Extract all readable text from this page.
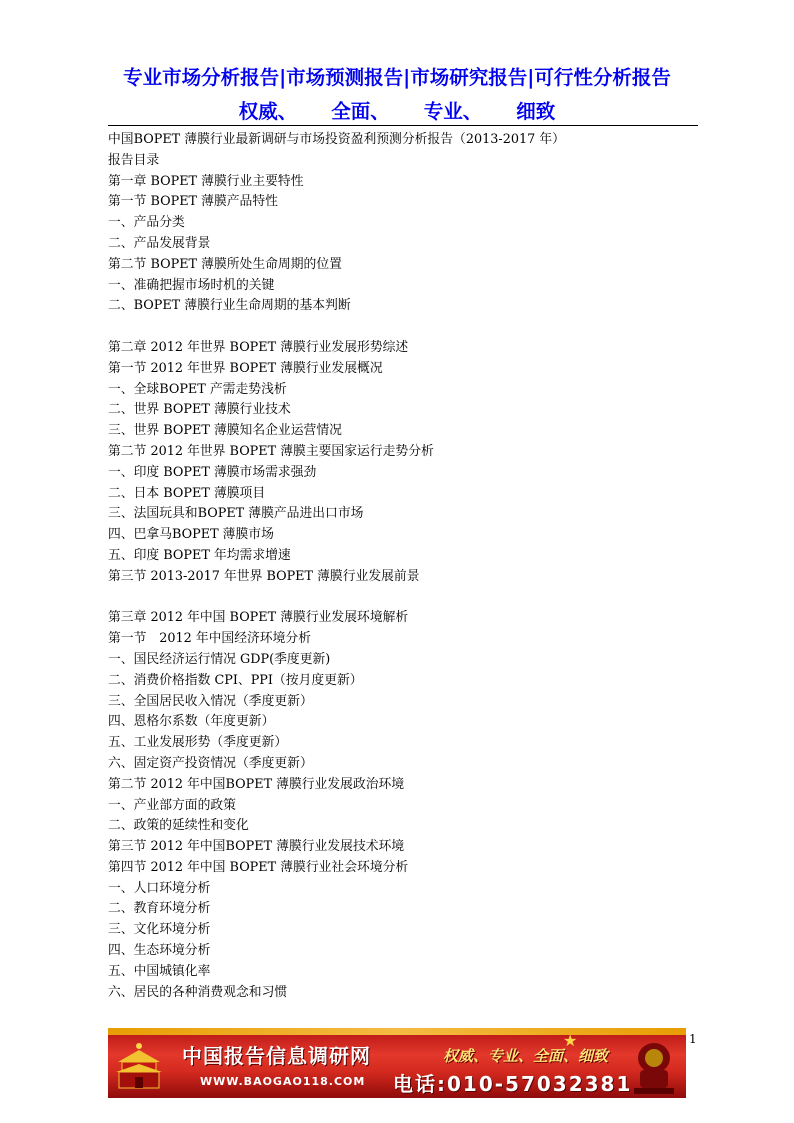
专业市场分析报告|市场预测报告|市场研究报告|可行性分析报告
权威、 全面、 专业、 细致
中国BOPET 薄膜行业最新调研与市场投资盈利预测分析报告（2013-2017 年）
报告目录
第一章 BOPET 薄膜行业主要特性
第一节 BOPET 薄膜产品特性
一、产品分类
二、产品发展背景
第二节 BOPET 薄膜所处生命周期的位置
一、准确把握市场时机的关键
二、BOPET 薄膜行业生命周期的基本判断
第二章 2012 年世界 BOPET 薄膜行业发展形势综述
第一节 2012 年世界 BOPET 薄膜行业发展概况
一、全球BOPET 产需走势浅析
二、世界 BOPET 薄膜行业技术
三、世界 BOPET 薄膜知名企业运营情况
第二节 2012 年世界 BOPET 薄膜主要国家运行走势分析
一、印度 BOPET 薄膜市场需求强劲
二、日本 BOPET 薄膜项目
三、法国玩具和BOPET 薄膜产品进出口市场
四、巴拿马BOPET 薄膜市场
五、印度 BOPET 年均需求增速
第三节 2013-2017 年世界 BOPET 薄膜行业发展前景
第三章 2012 年中国 BOPET 薄膜行业发展环境解析
第一节　2012 年中国经济环境分析
一、国民经济运行情况 GDP(季度更新)
二、消费价格指数 CPI、PPI（按月度更新）
三、全国居民收入情况（季度更新）
四、恩格尔系数（年度更新）
五、工业发展形势（季度更新）
六、固定资产投资情况（季度更新）
第二节 2012 年中国BOPET 薄膜行业发展政治环境
一、产业部方面的政策
二、政策的延续性和变化
第三节 2012 年中国BOPET 薄膜行业发展技术环境
第四节 2012 年中国 BOPET 薄膜行业社会环境分析
一、人口环境分析
二、教育环境分析
三、文化环境分析
四、生态环境分析
五、中国城镇化率
六、居民的各种消费观念和习惯
1
中国报告信息调研网
WWW.BAOGAO118.COM
★
权威、专业、全面、细致
电话:010-57032381
